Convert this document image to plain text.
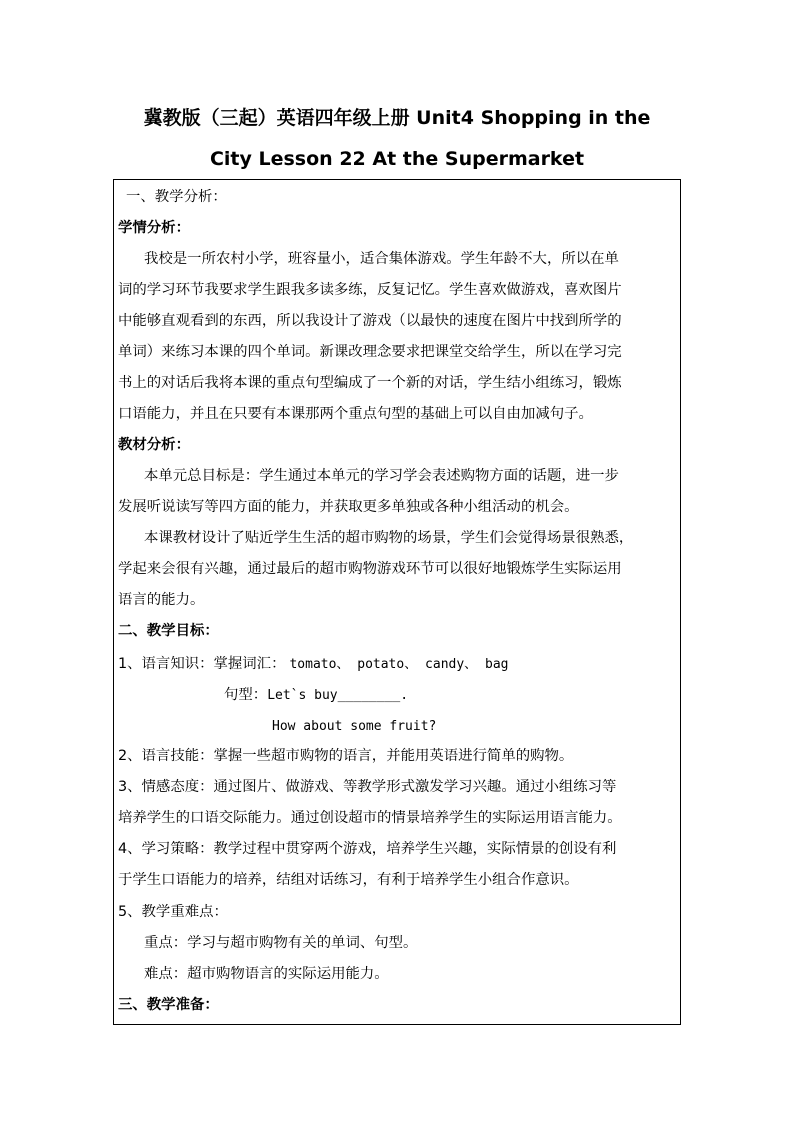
冀教版（三起）英语四年级上册 Unit4 Shopping in the
City Lesson 22 At the Supermarket
一、教学分析：
学情分析：
我校是一所农村小学，班容量小，适合集体游戏。学生年龄不大，所以在单
词的学习环节我要求学生跟我多读多练，反复记忆。学生喜欢做游戏，喜欢图片
中能够直观看到的东西，所以我设计了游戏（以最快的速度在图片中找到所学的
单词）来练习本课的四个单词。新课改理念要求把课堂交给学生，所以在学习完
书上的对话后我将本课的重点句型编成了一个新的对话，学生结小组练习，锻炼
口语能力，并且在只要有本课那两个重点句型的基础上可以自由加减句子。
教材分析：
本单元总目标是：学生通过本单元的学习学会表述购物方面的话题，进一步
发展听说读写等四方面的能力，并获取更多单独或各种小组活动的机会。
本课教材设计了贴近学生生活的超市购物的场景，学生们会觉得场景很熟悉，
学起来会很有兴趣，通过最后的超市购物游戏环节可以很好地锻炼学生实际运用
语言的能力。
二、教学目标：
1、语言知识：掌握词汇： tomato、 potato、 candy、 bag
句型：Let`s buy________.
How about some fruit?
2、语言技能：掌握一些超市购物的语言，并能用英语进行简单的购物。
3、情感态度：通过图片、做游戏、等教学形式激发学习兴趣。通过小组练习等
培养学生的口语交际能力。通过创设超市的情景培养学生的实际运用语言能力。
4、学习策略：教学过程中贯穿两个游戏，培养学生兴趣，实际情景的创设有利
于学生口语能力的培养，结组对话练习，有利于培养学生小组合作意识。
5、教学重难点：
重点：学习与超市购物有关的单词、句型。
难点：超市购物语言的实际运用能力。
三、教学准备：
